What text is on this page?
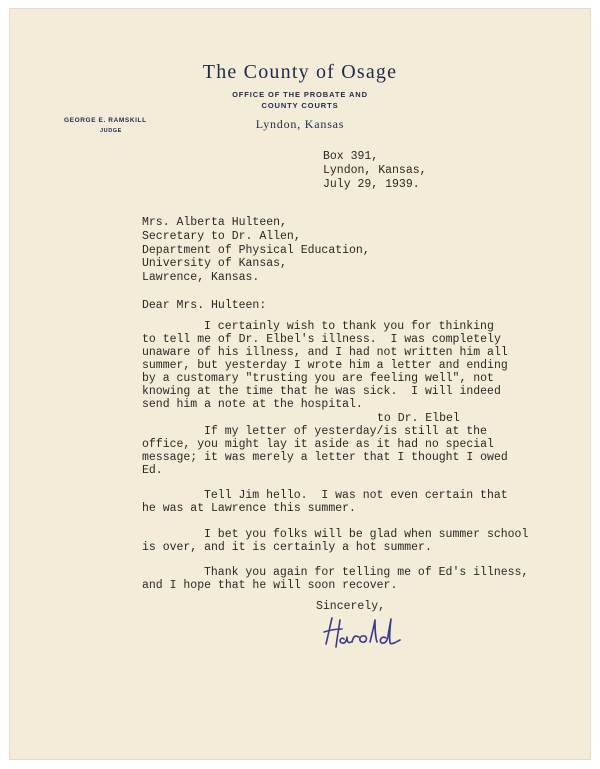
The County of Osage
OFFICE OF THE PROBATE AND
COUNTY COURTS
GEORGE E. RAMSKILL
JUDGE	Lyndon, Kansas
Box 391,
Lyndon, Kansas,
July 29, 1939.
Mrs. Alberta Hulteen,
Secretary to Dr. Allen,
Department of Physical Education,
University of Kansas,
Lawrence, Kansas.
Dear Mrs. Hulteen:
I certainly wish to thank you for thinking
to tell me of Dr. Elbel's illness.  I was completely
unaware of his illness, and I had not written him all
summer, but yesterday I wrote him a letter and ending
by a customary "trusting you are feeling well", not
knowing at the time that he was sick.  I will indeed
send him a note at the hospital.
to Dr. Elbel
If my letter of yesterday/is still at the
office, you might lay it aside as it had no special
message; it was merely a letter that I thought I owed
Ed.
Tell Jim hello.  I was not even certain that
he was at Lawrence this summer.
I bet you folks will be glad when summer school
is over, and it is certainly a hot summer.
Thank you again for telling me of Ed's illness,
and I hope that he will soon recover.
Sincerely,
